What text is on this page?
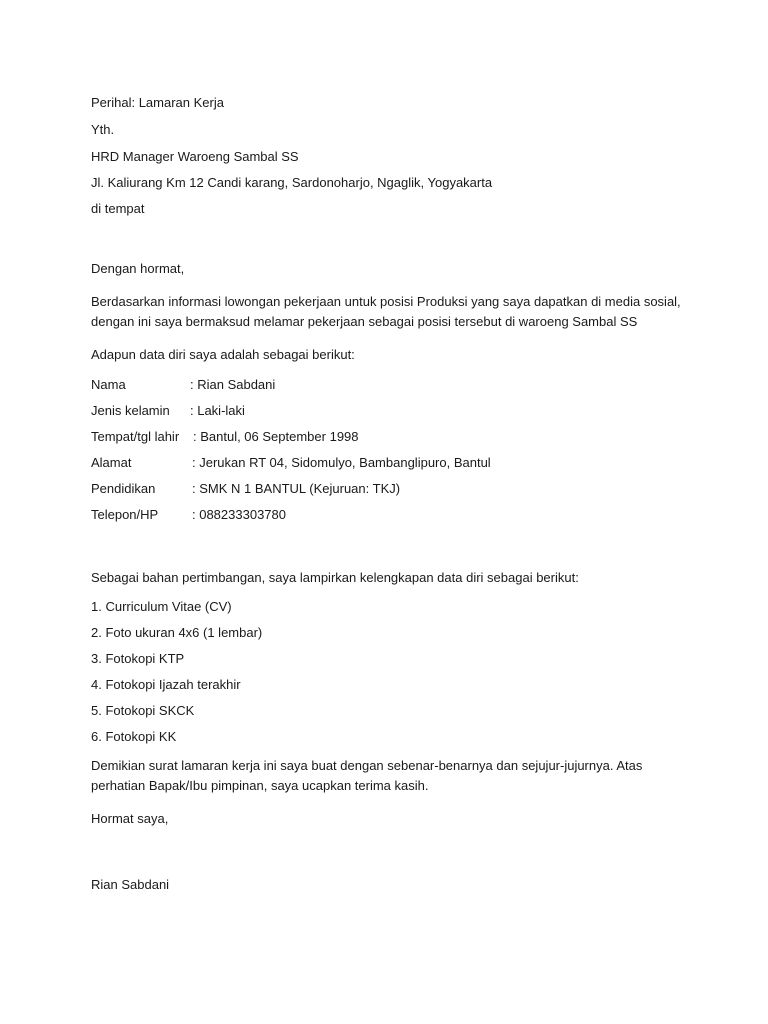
Perihal: Lamaran Kerja
Yth.
HRD Manager Waroeng Sambal SS
Jl. Kaliurang Km 12 Candi karang, Sardonoharjo, Ngaglik, Yogyakarta
di tempat
Dengan hormat,
Berdasarkan informasi lowongan pekerjaan untuk posisi Produksi yang saya dapatkan di media sosial,
dengan ini saya bermaksud melamar pekerjaan sebagai posisi tersebut di waroeng Sambal SS
Adapun data diri saya adalah sebagai berikut:
Nama	: Rian Sabdani
Jenis kelamin : Laki-laki
Tempat/tgl lahir : Bantul, 06 September 1998
Alamat	: Jerukan RT 04, Sidomulyo, Bambanglipuro, Bantul
Pendidikan	: SMK N 1 BANTUL (Kejuruan: TKJ)
Telepon/HP	: 088233303780
Sebagai bahan pertimbangan, saya lampirkan kelengkapan data diri sebagai berikut:
1. Curriculum Vitae (CV)
2. Foto ukuran 4x6 (1 lembar)
3. Fotokopi KTP
4. Fotokopi Ijazah terakhir
5. Fotokopi SKCK
6. Fotokopi KK
Demikian surat lamaran kerja ini saya buat dengan sebenar-benarnya dan sejujur-jujurnya. Atas
perhatian Bapak/Ibu pimpinan, saya ucapkan terima kasih.
Hormat saya,
Rian Sabdani
